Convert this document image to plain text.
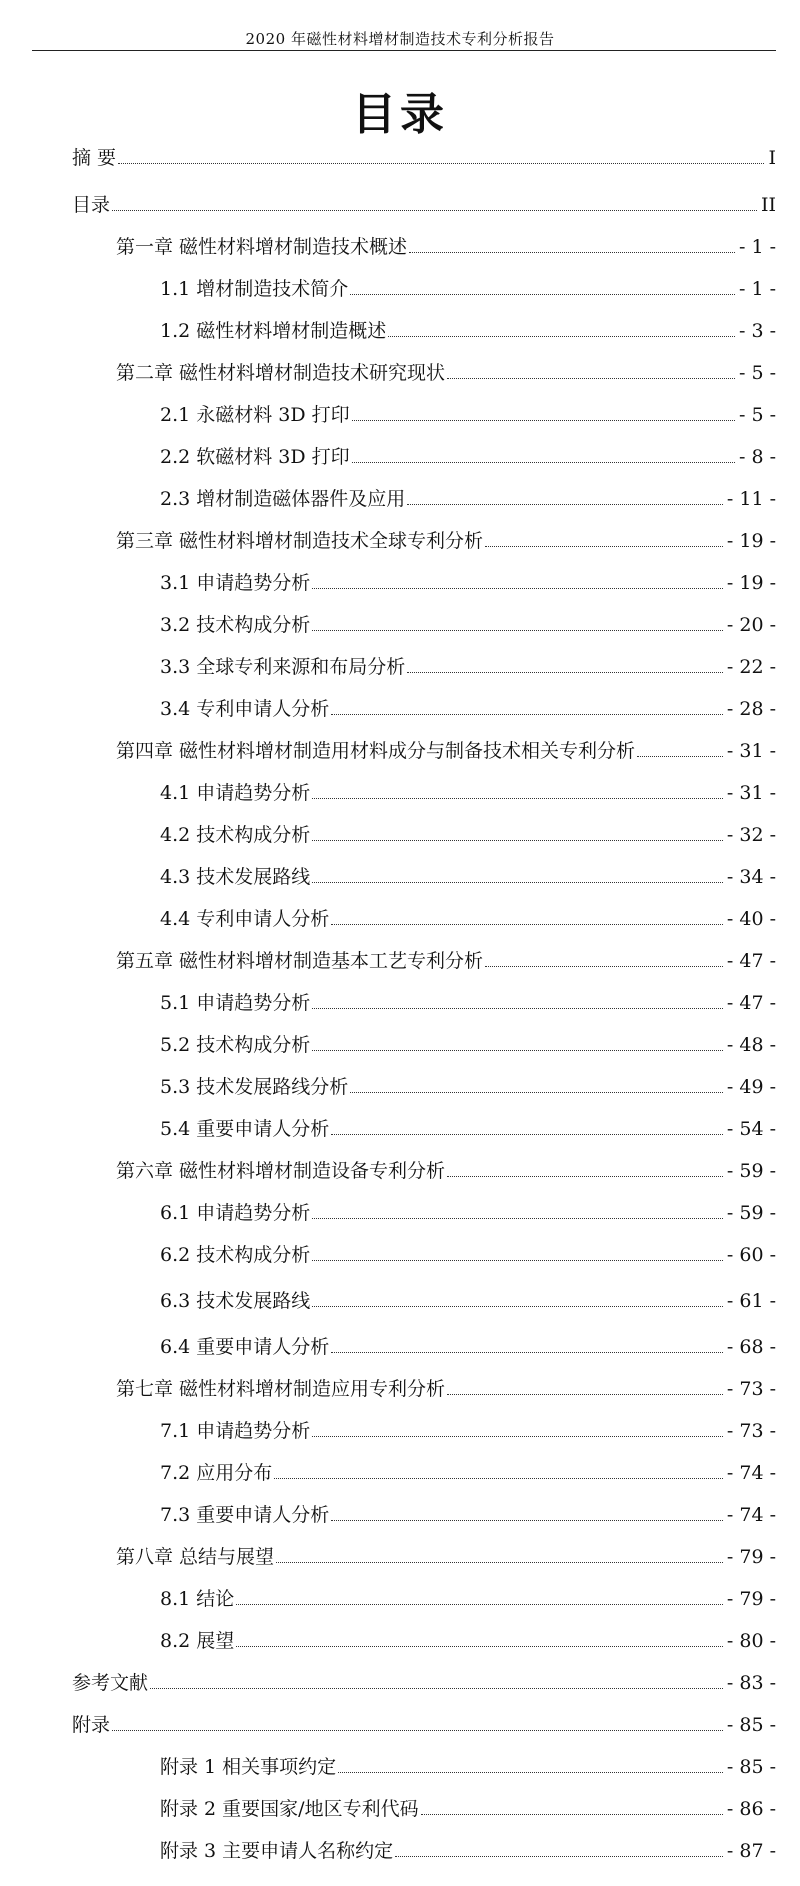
2020 年磁性材料增材制造技术专利分析报告
目录
摘 要	I
目录	II
第一章 磁性材料增材制造技术概述	- 1 -
1.1 增材制造技术简介	- 1 -
1.2 磁性材料增材制造概述	- 3 -
第二章 磁性材料增材制造技术研究现状	- 5 -
2.1 永磁材料 3D 打印	- 5 -
2.2 软磁材料 3D 打印	- 8 -
2.3 增材制造磁体器件及应用	- 11 -
第三章 磁性材料增材制造技术全球专利分析	- 19 -
3.1 申请趋势分析	- 19 -
3.2 技术构成分析	- 20 -
3.3 全球专利来源和布局分析	- 22 -
3.4 专利申请人分析	- 28 -
第四章 磁性材料增材制造用材料成分与制备技术相关专利分析	- 31 -
4.1 申请趋势分析	- 31 -
4.2 技术构成分析	- 32 -
4.3 技术发展路线	- 34 -
4.4 专利申请人分析	- 40 -
第五章 磁性材料增材制造基本工艺专利分析	- 47 -
5.1 申请趋势分析	- 47 -
5.2 技术构成分析	- 48 -
5.3 技术发展路线分析	- 49 -
5.4 重要申请人分析	- 54 -
第六章 磁性材料增材制造设备专利分析	- 59 -
6.1 申请趋势分析	- 59 -
6.2 技术构成分析	- 60 -
6.3 技术发展路线	- 61 -
6.4 重要申请人分析	- 68 -
第七章 磁性材料增材制造应用专利分析	- 73 -
7.1 申请趋势分析	- 73 -
7.2 应用分布	- 74 -
7.3 重要申请人分析	- 74 -
第八章 总结与展望	- 79 -
8.1 结论	- 79 -
8.2 展望	- 80 -
参考文献	- 83 -
附录	- 85 -
附录 1 相关事项约定	- 85 -
附录 2 重要国家/地区专利代码	- 86 -
附录 3 主要申请人名称约定	- 87 -
